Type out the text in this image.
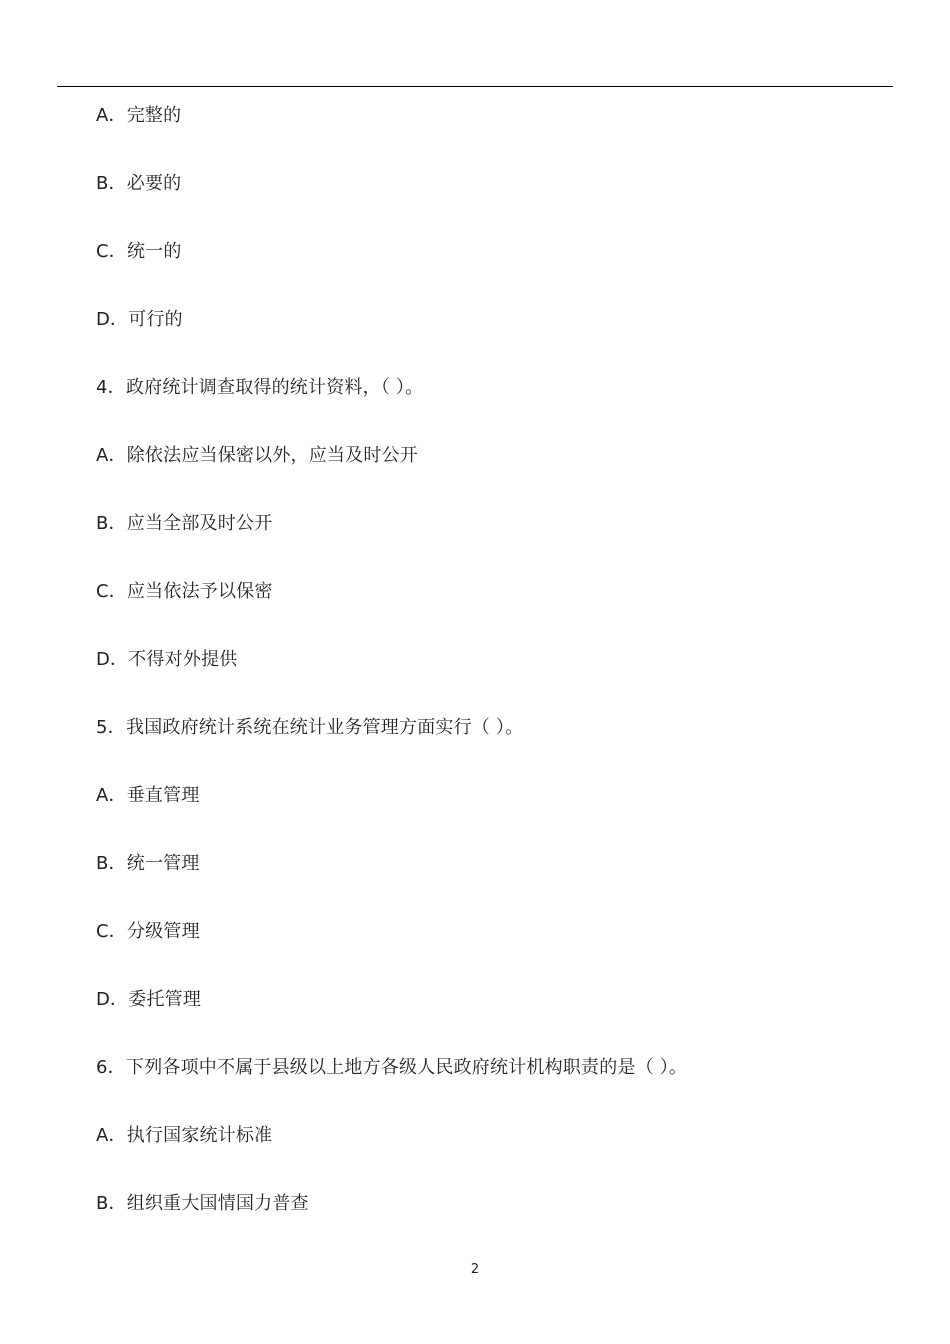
A．完整的
B．必要的
C．统一的
D．可行的
4．政府统计调查取得的统计资料，（ ）。
A．除依法应当保密以外，应当及时公开
B．应当全部及时公开
C．应当依法予以保密
D．不得对外提供
5．我国政府统计系统在统计业务管理方面实行（ ）。
A．垂直管理
B．统一管理
C．分级管理
D．委托管理
6．下列各项中不属于县级以上地方各级人民政府统计机构职责的是（ ）。
A．执行国家统计标准
B．组织重大国情国力普查
2
